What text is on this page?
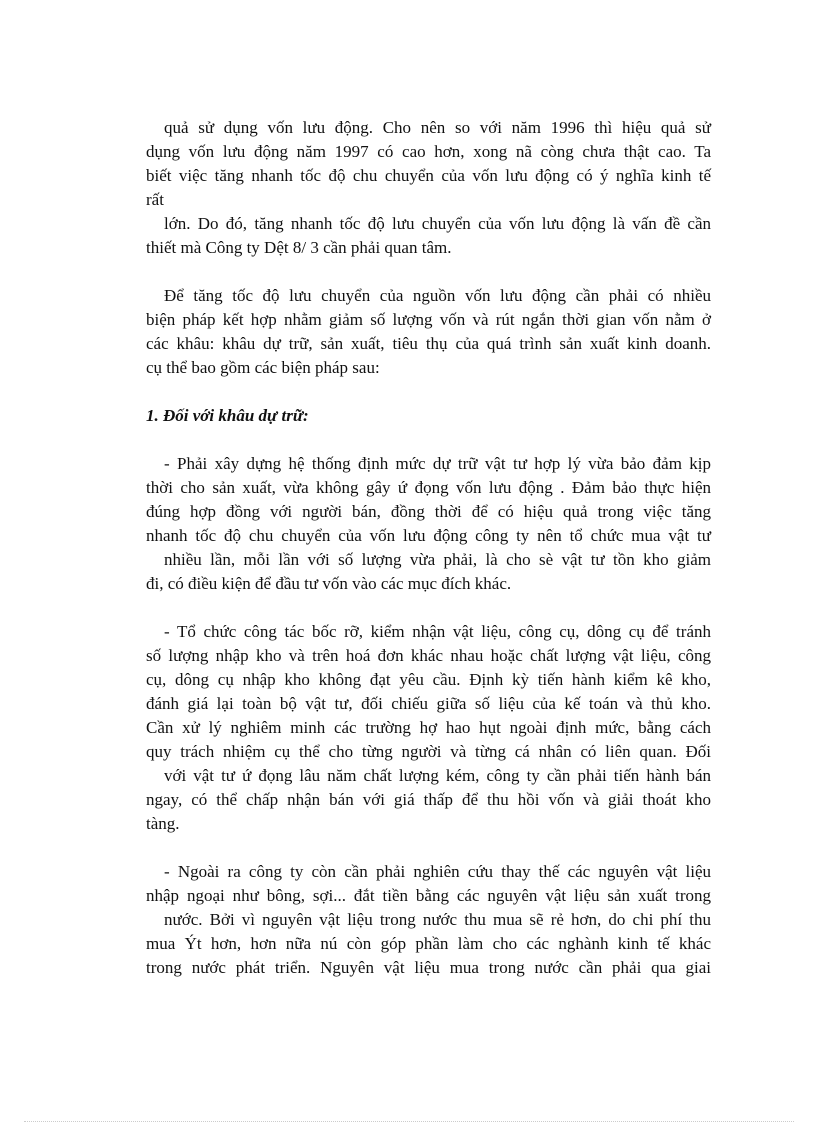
quả sử dụng vốn lưu động. Cho nên so với năm 1996 thì hiệu quả sử
dụng vốn lưu động năm 1997 có cao hơn, xong nã còng chưa thật cao. Ta
biết việc tăng nhanh tốc độ chu chuyển của vốn lưu động có ý nghĩa kinh tế
rất
lớn. Do đó, tăng nhanh tốc độ lưu chuyển của vốn lưu động là vấn đề cần
thiết mà Công ty Dệt 8/ 3 cần phải quan tâm.
Để tăng tốc độ lưu chuyển của nguồn vốn lưu động cần phải có nhiều
biện pháp kết hợp nhằm giảm số lượng vốn và rút ngắn thời gian vốn nằm ở
các khâu: khâu dự trữ, sản xuất, tiêu thụ của quá trình sản xuất kinh doanh.
cụ thể bao gồm các biện pháp sau:
1. Đối với khâu dự trữ:
- Phải xây dựng hệ thống định mức dự trữ vật tư hợp lý vừa bảo đảm kịp
thời cho sản xuất, vừa không gây ứ đọng vốn lưu động . Đảm bảo thực hiện
đúng hợp đồng với người bán, đồng thời để có hiệu quả trong việc tăng
nhanh tốc độ chu chuyển của vốn lưu động công ty nên tổ chức mua vật tư
nhiều lần, mỗi lần với số lượng vừa phải, là cho sè vật tư tồn kho giảm
đi, có điều kiện để đầu tư vốn vào các mục đích khác.
- Tổ chức công tác bốc rỡ, kiểm nhận vật liệu, công cụ, dông cụ để tránh
số lượng nhập kho và trên hoá đơn khác nhau hoặc chất lượng vật liệu, công
cụ, dông cụ nhập kho không đạt yêu cầu. Định kỳ tiến hành kiểm kê kho,
đánh giá lại toàn bộ vật tư, đối chiếu giữa số liệu của kế toán và thủ kho.
Cần xử lý nghiêm minh các trường hợ hao hụt ngoài định mức, bằng cách
quy trách nhiệm cụ thể cho từng người và từng cá nhân có liên quan. Đối
với vật tư ứ đọng lâu năm chất lượng kém, công ty cần phải tiến hành bán
ngay, có thể chấp nhận bán với giá thấp để thu hồi vốn và giải thoát kho
tàng.
- Ngoài ra công ty còn cần phải nghiên cứu thay thế các nguyên vật liệu
nhập ngoại như bông, sợi... đắt tiền bằng các nguyên vật liệu sản xuất trong
nước. Bởi vì nguyên vật liệu trong nước thu mua sẽ rẻ hơn, do chi phí thu
mua Ýt hơn, hơn nữa nú còn góp phần làm cho các nghành kinh tế khác
trong nước phát triển. Nguyên vật liệu mua trong nước cần phải qua giai
